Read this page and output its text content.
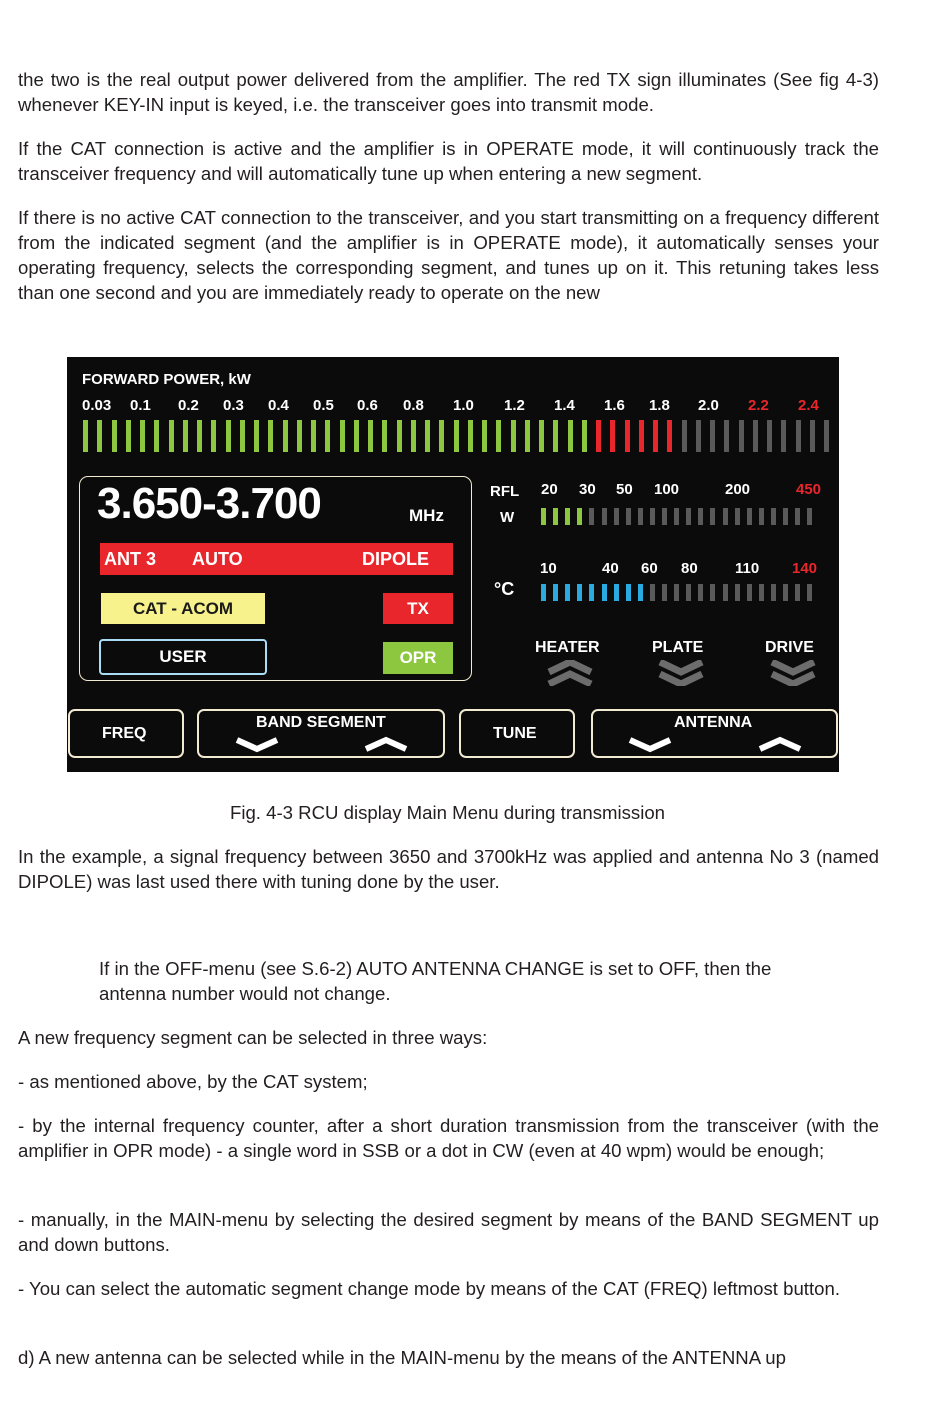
the two is the real output power delivered from the amplifier. The red TX sign illuminates (See fig 4-3) whenever KEY-IN input is keyed, i.e. the transceiver goes into transmit mode.

If the CAT connection is active and the amplifier is in OPERATE mode, it will continuously track the transceiver frequency and will automatically tune up when entering a new segment.

If there is no active CAT connection to the transceiver, and you start transmitting on a frequency different from the indicated segment (and the amplifier is in OPERATE mode), it automatically senses your operating frequency, selects the corresponding segment, and tunes up on it. This retuning takes less than one second and you are immediately ready to operate on the new

FORWARD POWER, kW
0.03 0.1 0.2 0.3 0.4 0.5 0.6 0.8 1.0 1.2 1.4 1.6 1.8 2.0 2.2 2.4
3.650-3.700	MHz
ANT 3 AUTO	DIPOLE
CAT - ACOM	TX
USER	OPR
RFL
W
20 30 50 100	200	450
°C
10	40 60 80 110 140
HEATER	PLATE	DRIVE
FREQ
BAND SEGMENT
TUNE
ANTENNA

Fig. 4-3 RCU display Main Menu during transmission

In the example, a signal frequency between 3650 and 3700kHz was applied and antenna No 3 (named DIPOLE) was last used there with tuning done by the user.

If in the OFF-menu (see S.6-2) AUTO ANTENNA CHANGE is set to OFF, then the antenna number would not change.

A new frequency segment can be selected in three ways:

- as mentioned above, by the CAT system;

- by the internal frequency counter, after a short duration transmission from the transceiver (with the amplifier in OPR mode) - a single word in SSB or a dot in CW (even at 40 wpm) would be enough;

- manually, in the MAIN-menu by selecting the desired segment by means of the BAND SEGMENT up and down buttons.

- You can select the automatic segment change mode by means of the CAT (FREQ) leftmost button.

d) A new antenna can be selected while in the MAIN-menu by the means of the ANTENNA up
